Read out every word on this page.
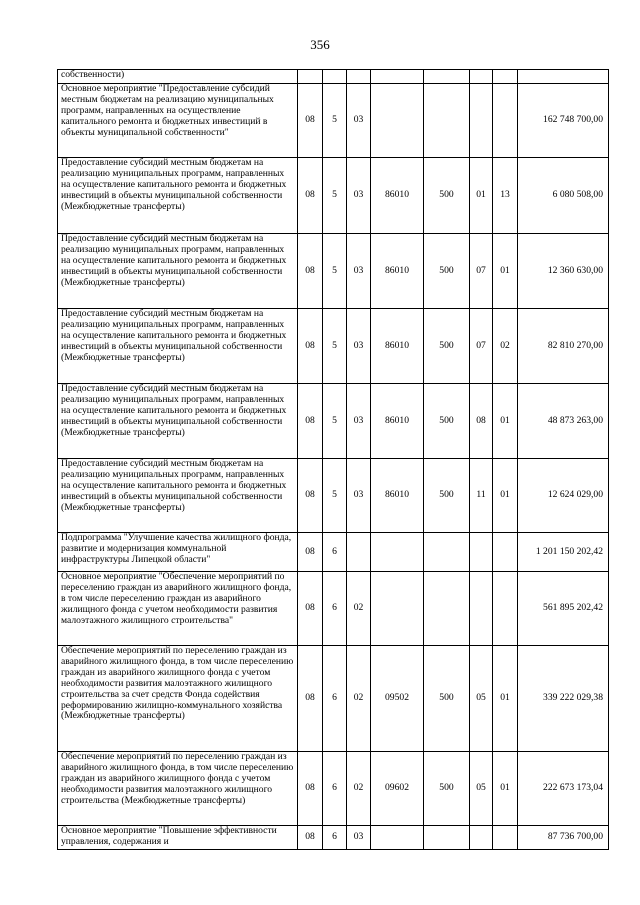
356
собственности)								
Основное мероприятие "Предоставление субсидий местным бюджетам на реализацию муниципальных программ, направленных на осуществление капитального ремонта и бюджетных инвестиций в объекты муниципальной собственности"	08	5	03					162 748 700,00
Предоставление субсидий местным бюджетам на реализацию муниципальных программ, направленных на осуществление капитального ремонта и бюджетных инвестиций в объекты муниципальной собственности (Межбюджетные трансферты)	08	5	03	86010	500	01	13	6 080 508,00
Предоставление субсидий местным бюджетам на реализацию муниципальных программ, направленных на осуществление капитального ремонта и бюджетных инвестиций в объекты муниципальной собственности (Межбюджетные трансферты)	08	5	03	86010	500	07	01	12 360 630,00
Предоставление субсидий местным бюджетам на реализацию муниципальных программ, направленных на осуществление капитального ремонта и бюджетных инвестиций в объекты муниципальной собственности (Межбюджетные трансферты)	08	5	03	86010	500	07	02	82 810 270,00
Предоставление субсидий местным бюджетам на реализацию муниципальных программ, направленных на осуществление капитального ремонта и бюджетных инвестиций в объекты муниципальной собственности (Межбюджетные трансферты)	08	5	03	86010	500	08	01	48 873 263,00
Предоставление субсидий местным бюджетам на реализацию муниципальных программ, направленных на осуществление капитального ремонта и бюджетных инвестиций в объекты муниципальной собственности (Межбюджетные трансферты)	08	5	03	86010	500	11	01	12 624 029,00
Подпрограмма "Улучшение качества жилищного фонда, развитие и модернизация коммунальной инфраструктуры Липецкой области"	08	6						1 201 150 202,42
Основное мероприятие "Обеспечение мероприятий по переселению граждан из аварийного жилищного фонда, в том числе переселению граждан из аварийного жилищного фонда с учетом необходимости развития малоэтажного жилищного строительства"	08	6	02					561 895 202,42
Обеспечение мероприятий по переселению граждан из аварийного жилищного фонда, в том числе переселению граждан из аварийного жилищного фонда с учетом необходимости развития малоэтажного жилищного строительства за счет средств Фонда содействия реформированию жилищно-коммунального хозяйства (Межбюджетные трансферты)	08	6	02	09502	500	05	01	339 222 029,38
Обеспечение мероприятий по переселению граждан из аварийного жилищного фонда, в том числе переселению граждан из аварийного жилищного фонда с учетом необходимости развития малоэтажного жилищного строительства (Межбюджетные трансферты)	08	6	02	09602	500	05	01	222 673 173,04
Основное мероприятие "Повышение эффективности управления, содержания и	08	6	03					87 736 700,00
